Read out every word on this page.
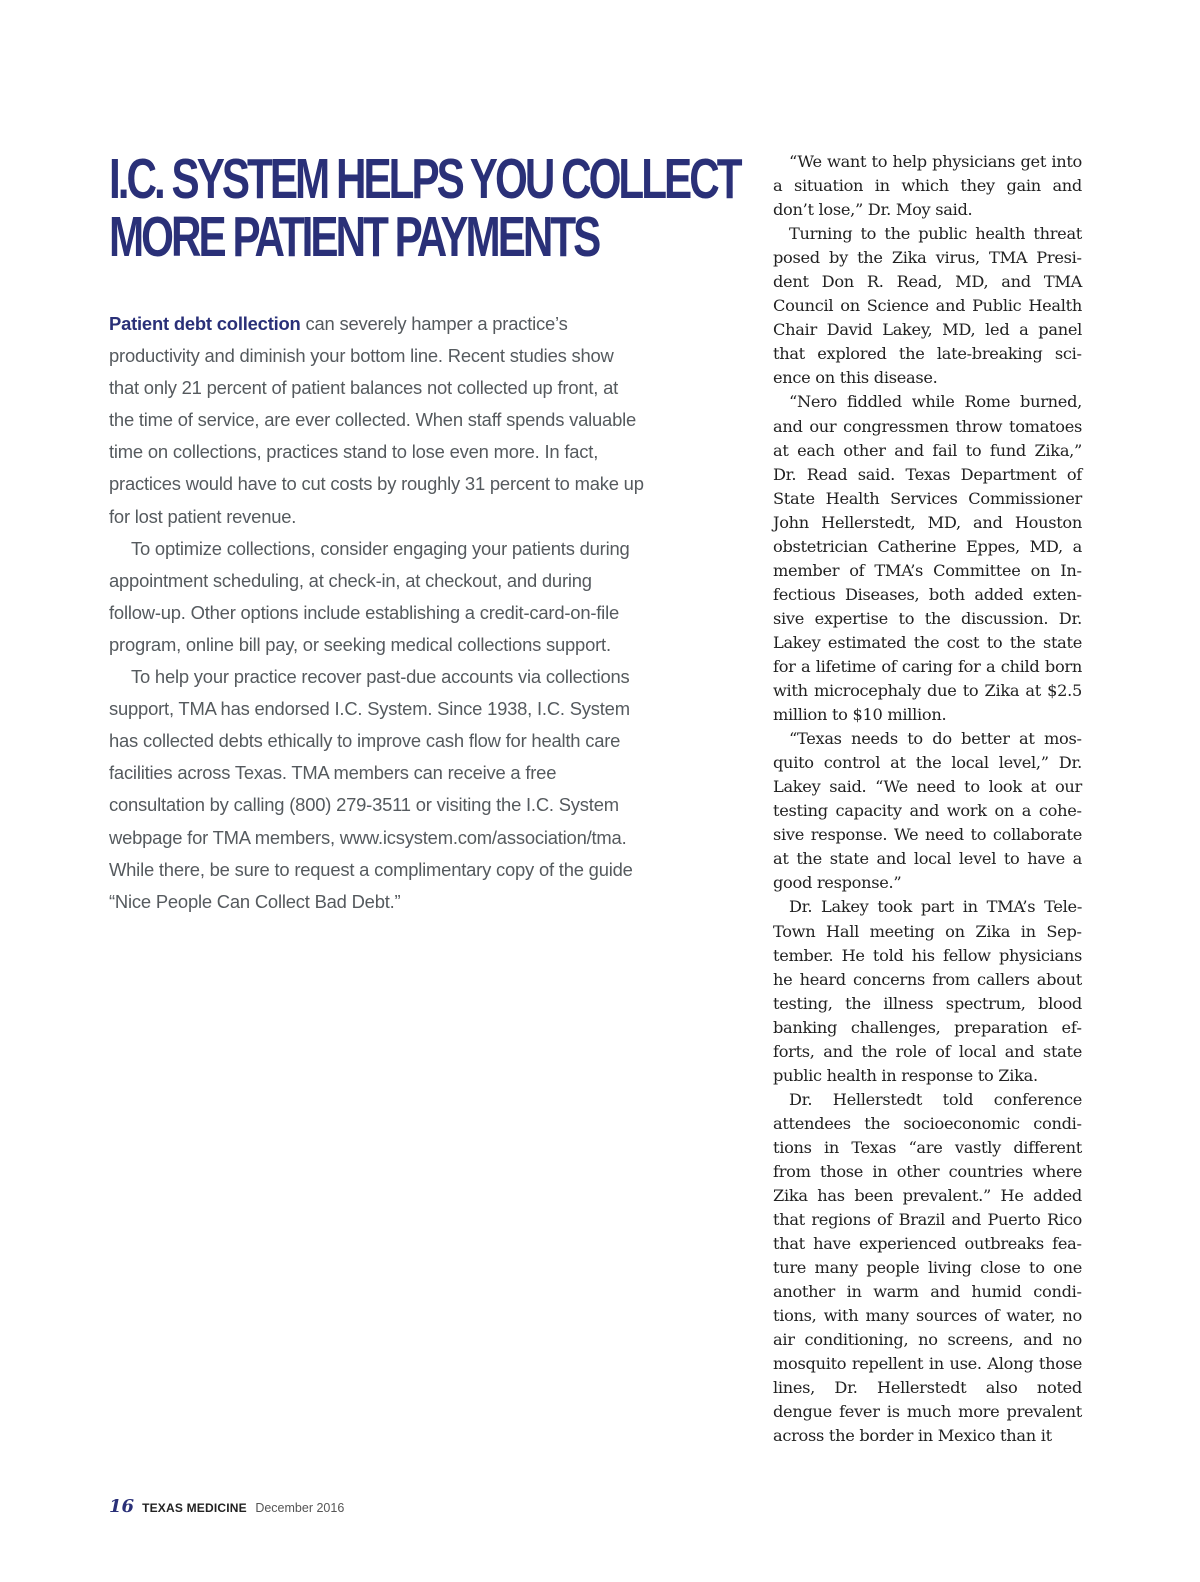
I.C. SYSTEM HELPS YOU COLLECT
MORE PATIENT PAYMENTS

Patient debt collection can severely hamper a practice’s productivity and diminish your bottom line. Recent studies show that only 21 percent of patient balances not collected up front, at the time of service, are ever collected. When staff spends valuable time on collections, practices stand to lose even more. In fact, practices would have to cut costs by roughly 31 percent to make up for lost patient revenue.

To optimize collections, consider engaging your patients during appointment scheduling, at check-in, at checkout, and during follow-up. Other options include establishing a credit-card-on-file program, online bill pay, or seeking medical collections support.

To help your practice recover past-due accounts via collections support, TMA has endorsed I.C. System. Since 1938, I.C. System has collected debts ethically to improve cash flow for health care facilities across Texas. TMA members can receive a free consultation by calling (800) 279-3511 or visiting the I.C. System webpage for TMA members, www.icsystem.com/association/tma. While there, be sure to request a complimentary copy of the guide “Nice People Can Collect Bad Debt.”

“We want to help physicians get into a situation in which they gain and don’t lose,” Dr. Moy said.

Turning to the public health threat posed by the Zika virus, TMA President Don R. Read, MD, and TMA Council on Science and Public Health Chair David Lakey, MD, led a panel that explored the late-breaking science on this disease.

“Nero fiddled while Rome burned, and our congressmen throw tomatoes at each other and fail to fund Zika,” Dr. Read said. Texas Department of State Health Services Commissioner John Hellerstedt, MD, and Houston obstetrician Catherine Eppes, MD, a member of TMA’s Committee on Infectious Diseases, both added extensive expertise to the discussion. Dr. Lakey estimated the cost to the state for a lifetime of caring for a child born with microcephaly due to Zika at $2.5 million to $10 million.

“Texas needs to do better at mosquito control at the local level,” Dr. Lakey said. “We need to look at our testing capacity and work on a cohesive response. We need to collaborate at the state and local level to have a good response.”

Dr. Lakey took part in TMA’s Tele-Town Hall meeting on Zika in September. He told his fellow physicians he heard concerns from callers about testing, the illness spectrum, blood banking challenges, preparation efforts, and the role of local and state public health in response to Zika.

Dr. Hellerstedt told conference attendees the socioeconomic conditions in Texas “are vastly different from those in other countries where Zika has been prevalent.” He added that regions of Brazil and Puerto Rico that have experienced outbreaks feature many people living close to one another in warm and humid conditions, with many sources of water, no air conditioning, no screens, and no mosquito repellent in use. Along those lines, Dr. Hellerstedt also noted dengue fever is much more prevalent across the border in Mexico than it

16 TEXAS MEDICINE December 2016
